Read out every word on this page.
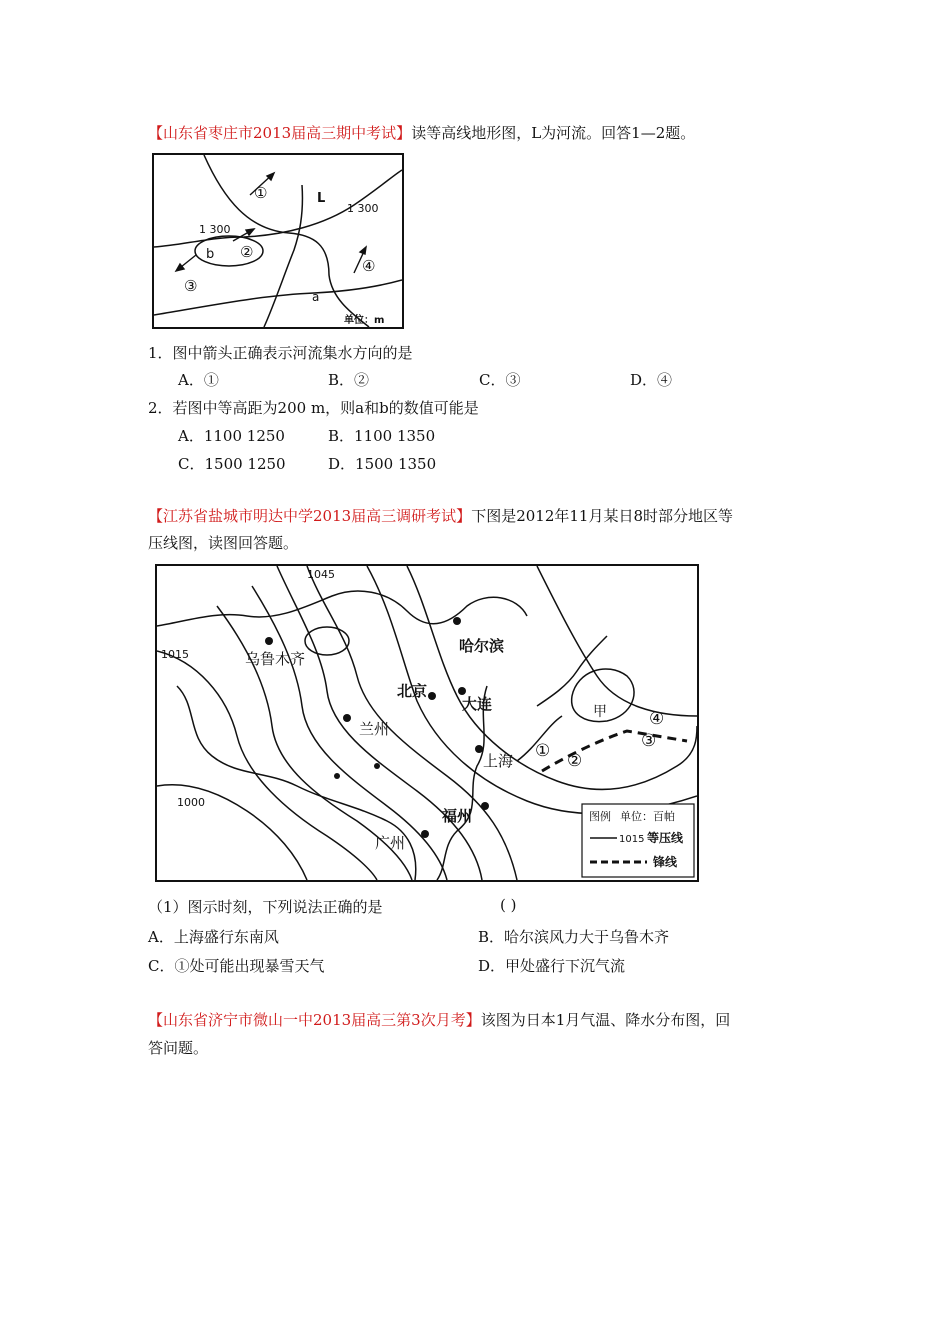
【山东省枣庄市2013届高三期中考试】读等高线地形图，L为河流。回答1—2题。
1 300
1 300
L
a
b
①
②
③
④
单位：m
1．图中箭头正确表示河流集水方向的是
A．①	B．②	C．③	D．④
2．若图中等高距为200 m，则a和b的数值可能是
A．1100 1250	B．1100 1350
C．1500 1250	D．1500 1350
【江苏省盐城市明达中学2013届高三调研考试】下图是2012年11月某日8时部分地区等
压线图，读图回答题。
1045
1015
1000
乌鲁木齐
北京
哈尔滨
大连
兰州
上海
福州
广州
甲
① ②
③
④
图例 单位：百帕
1015 等压线
锋线
（1）图示时刻，下列说法正确的是	( )
A．上海盛行东南风	B．哈尔滨风力大于乌鲁木齐
C．①处可能出现暴雪天气	D．甲处盛行下沉气流
【山东省济宁市微山一中2013届高三第3次月考】该图为日本1月气温、降水分布图，回
答问题。
